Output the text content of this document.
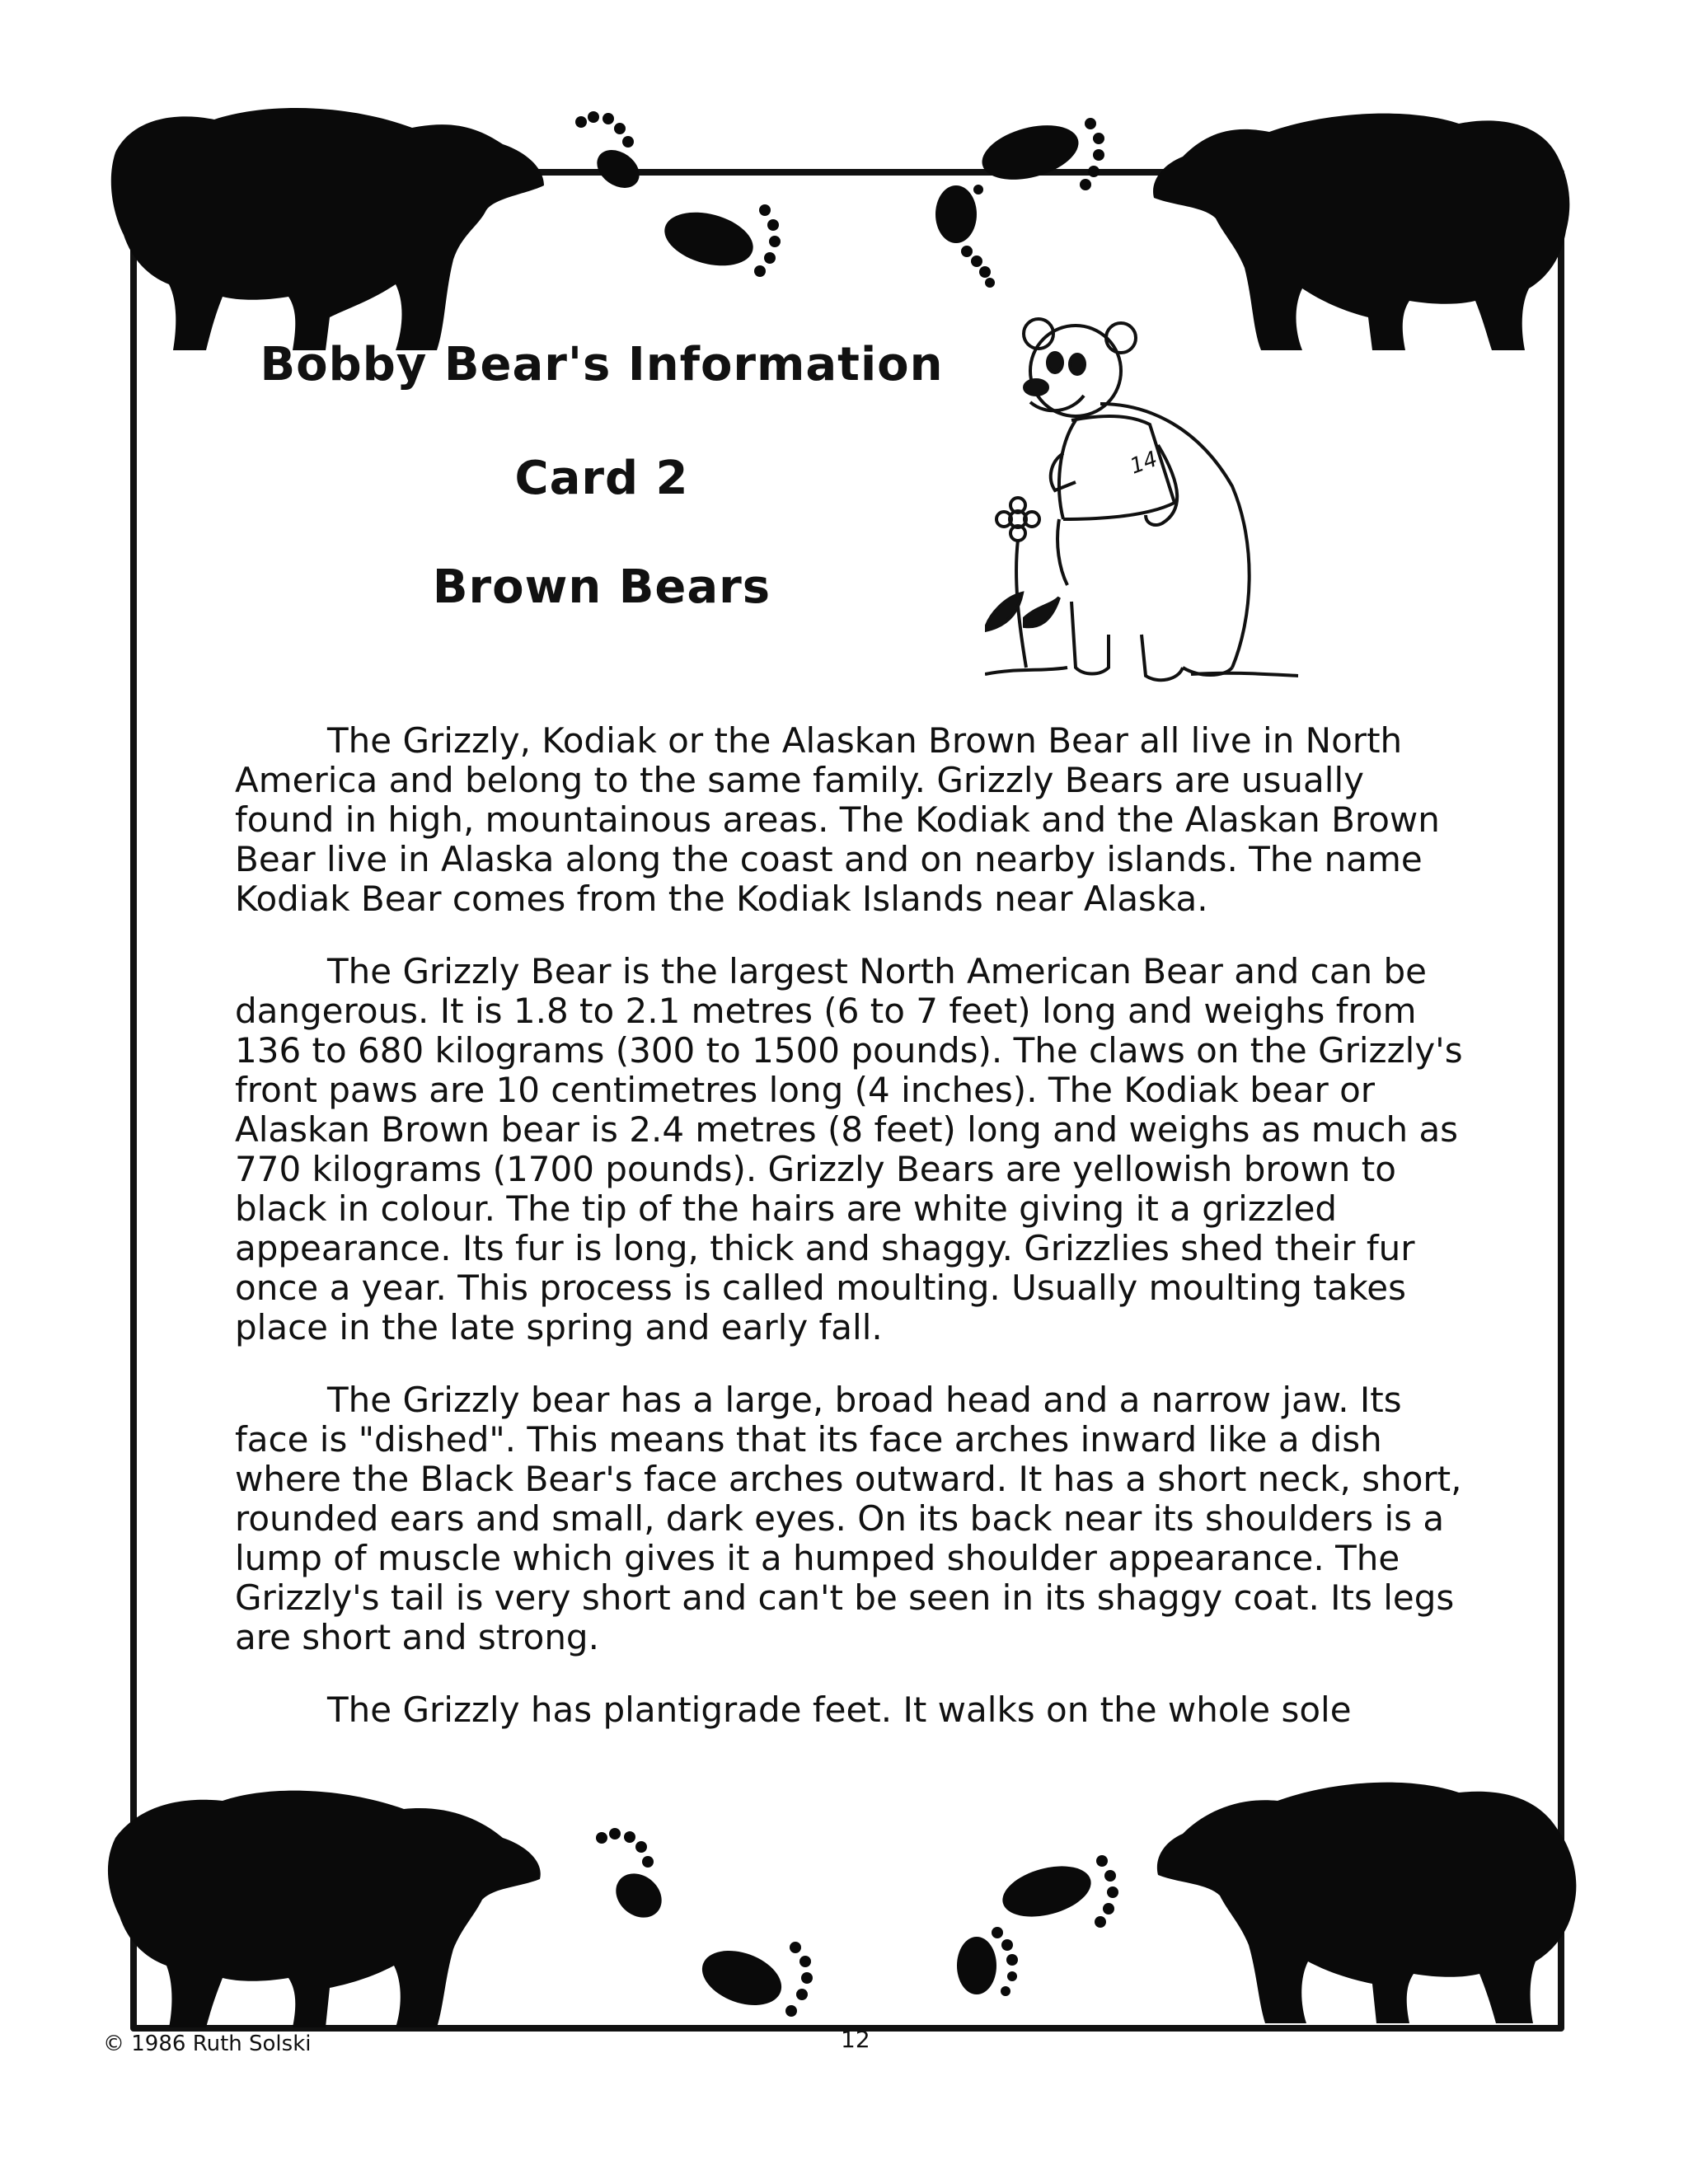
Bobby Bear's Information
Card 2
Brown Bears
14

The Grizzly, Kodiak or the Alaskan Brown Bear all live in North America and belong to the same family. Grizzly Bears are usually found in high, mountainous areas. The Kodiak and the Alaskan Brown Bear live in Alaska along the coast and on nearby islands. The name Kodiak Bear comes from the Kodiak Islands near Alaska.

The Grizzly Bear is the largest North American Bear and can be dangerous. It is 1.8 to 2.1 metres (6 to 7 feet) long and weighs from 136 to 680 kilograms (300 to 1500 pounds). The claws on the Grizzly's front paws are 10 centimetres long (4 inches). The Kodiak bear or Alaskan Brown bear is 2.4 metres (8 feet) long and weighs as much as 770 kilograms (1700 pounds). Grizzly Bears are yellowish brown to black in colour. The tip of the hairs are white giving it a grizzled appearance. Its fur is long, thick and shaggy. Grizzlies shed their fur once a year. This process is called moulting. Usually moulting takes place in the late spring and early fall.

The Grizzly bear has a large, broad head and a narrow jaw. Its face is "dished". This means that its face arches inward like a dish where the Black Bear's face arches outward. It has a short neck, short, rounded ears and small, dark eyes. On its back near its shoulders is a lump of muscle which gives it a humped shoulder appearance. The Grizzly's tail is very short and can't be seen in its shaggy coat. Its legs are short and strong.

The Grizzly has plantigrade feet. It walks on the whole sole

© 1986 Ruth Solski	12
